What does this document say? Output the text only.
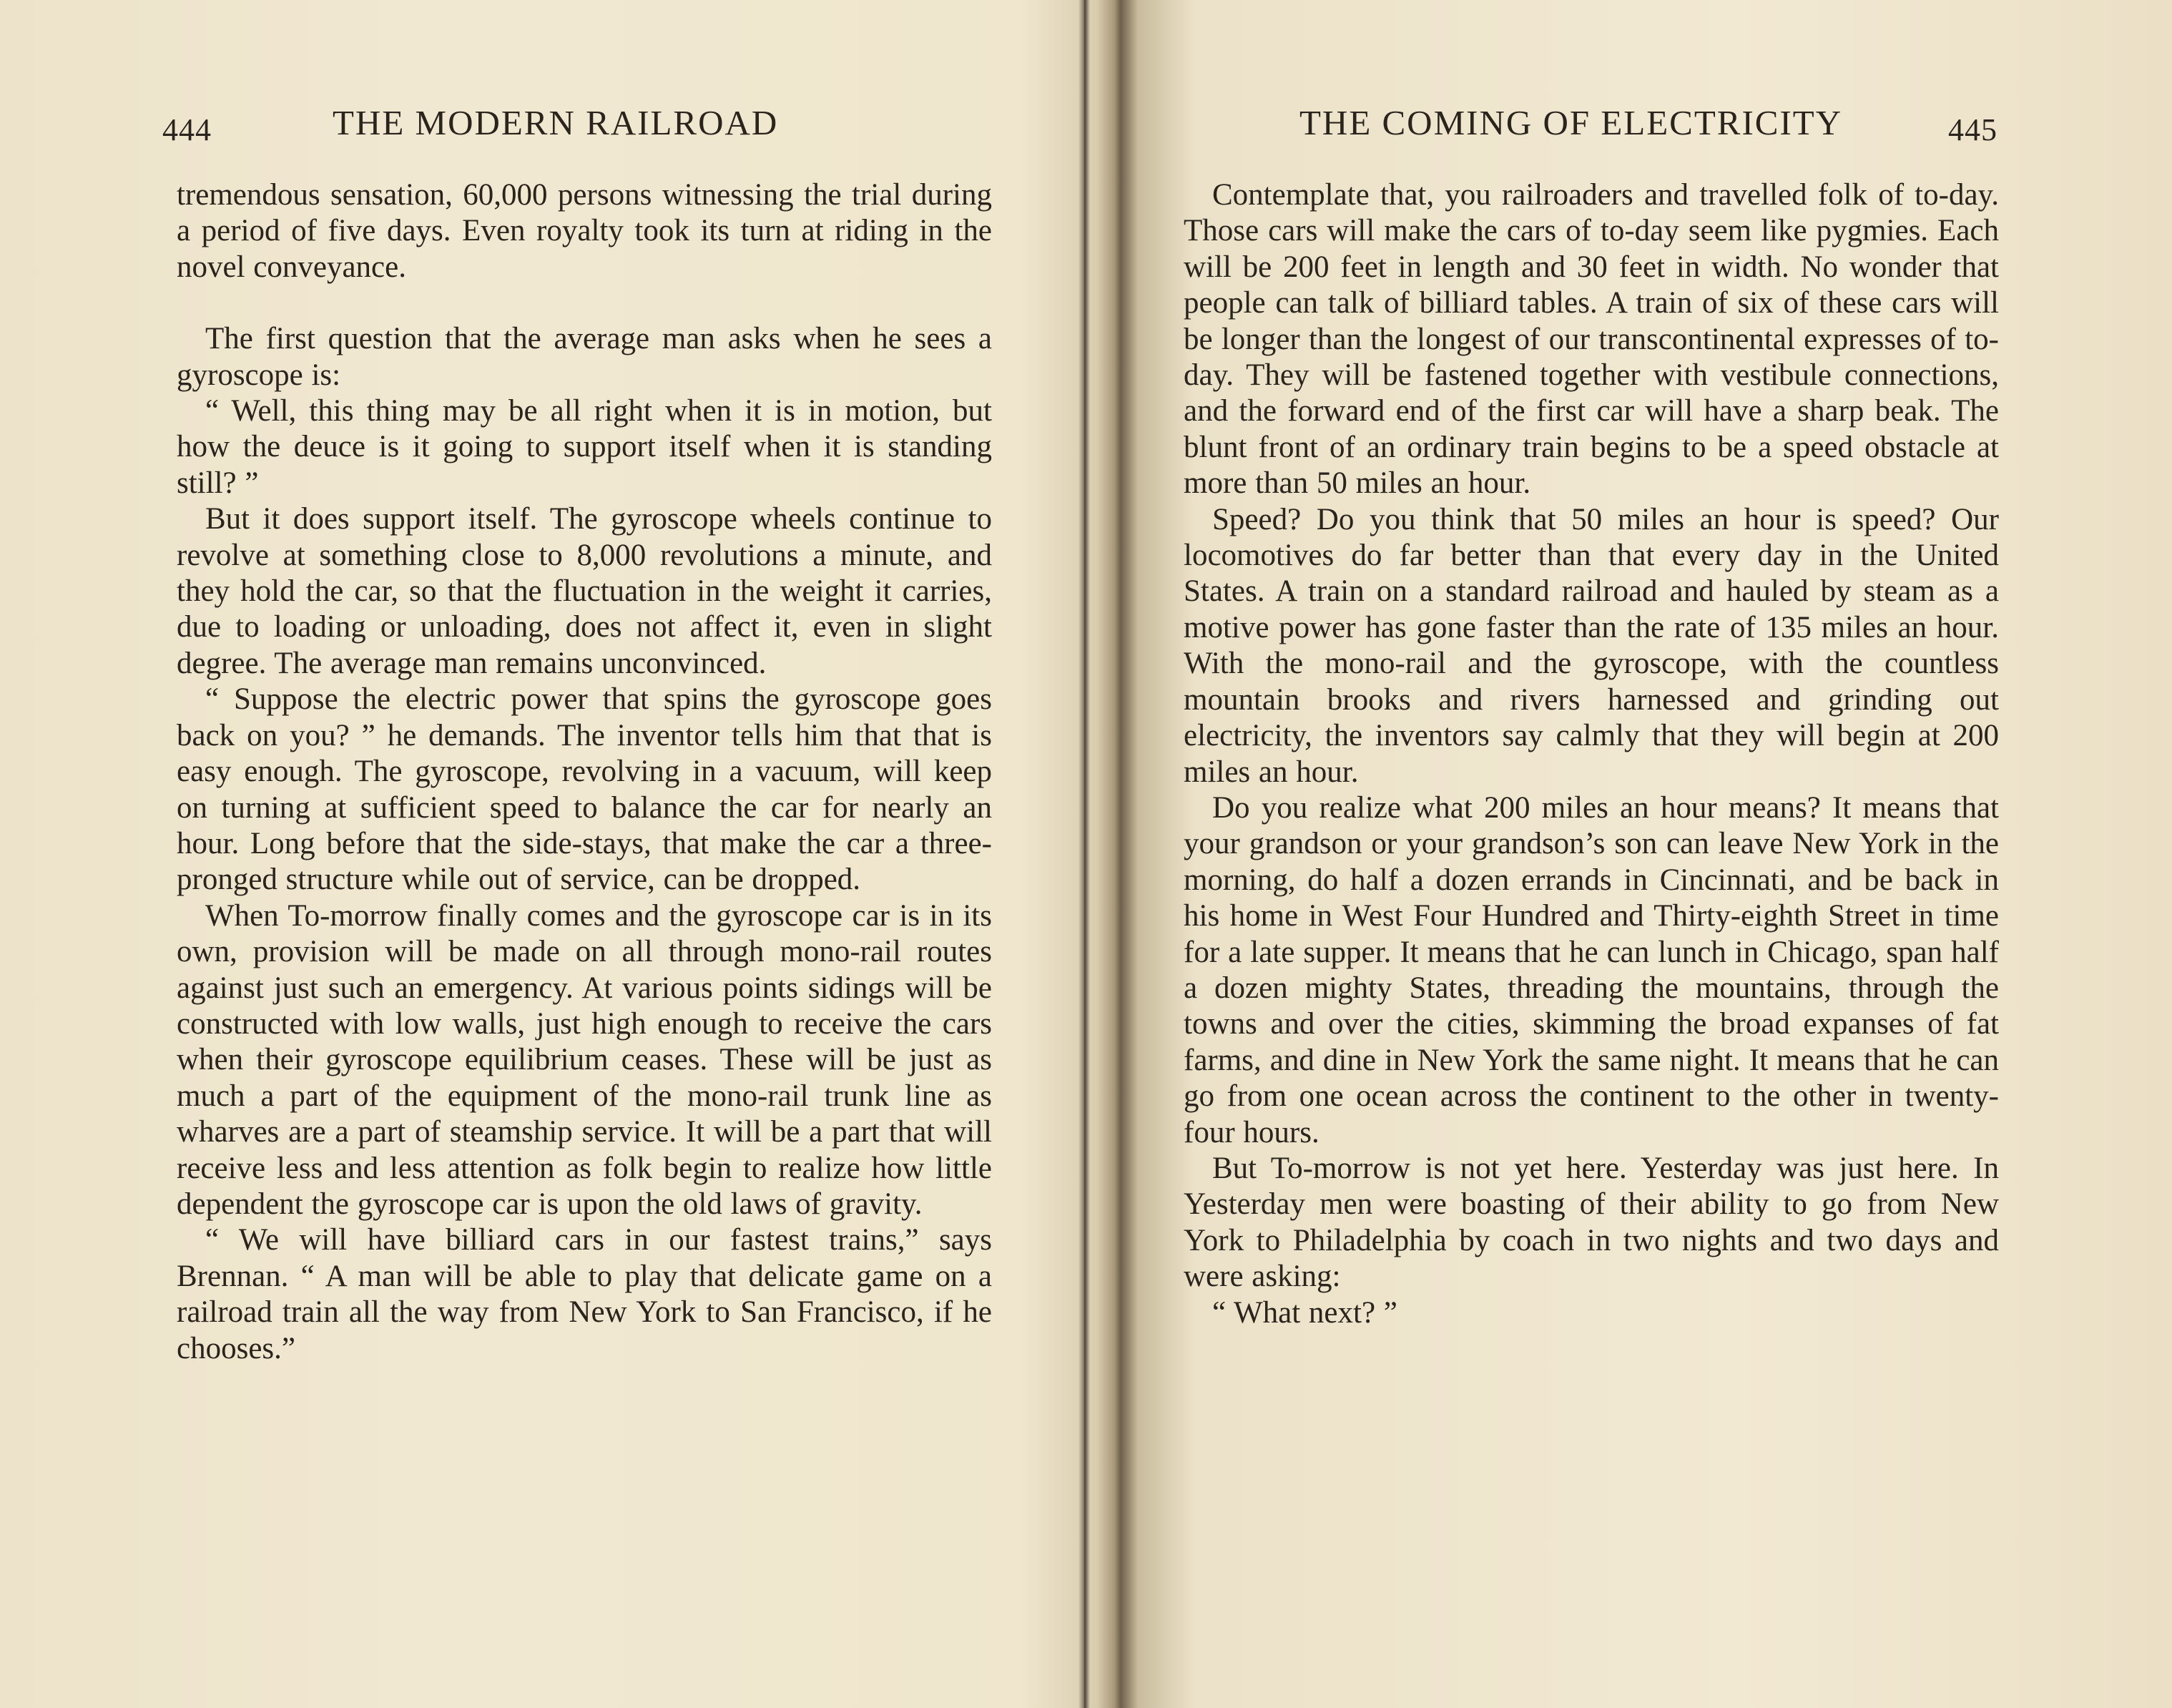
444	THE MODERN RAILROAD

tremendous sensation, 60,000 persons witnessing the trial during a period of five days. Even royalty took its turn at riding in the novel conveyance.

The first question that the average man asks when he sees a gyroscope is:

“ Well, this thing may be all right when it is in motion, but how the deuce is it going to support itself when it is standing still? ”

But it does support itself. The gyroscope wheels continue to revolve at something close to 8,000 revolutions a minute, and they hold the car, so that the fluctuation in the weight it carries, due to loading or unloading, does not affect it, even in slight degree. The average man remains unconvinced.

“ Suppose the electric power that spins the gyroscope goes back on you? ” he demands. The inventor tells him that that is easy enough. The gyroscope, revolving in a vacuum, will keep on turning at sufficient speed to balance the car for nearly an hour. Long before that the side-stays, that make the car a three-pronged structure while out of service, can be dropped.

When To-morrow finally comes and the gyroscope car is in its own, provision will be made on all through mono-rail routes against just such an emergency. At various points sidings will be constructed with low walls, just high enough to receive the cars when their gyroscope equilibrium ceases. These will be just as much a part of the equipment of the mono-rail trunk line as wharves are a part of steamship service. It will be a part that will receive less and less attention as folk begin to realize how little dependent the gyroscope car is upon the old laws of gravity.

“ We will have billiard cars in our fastest trains,” says Brennan. “ A man will be able to play that delicate game on a railroad train all the way from New York to San Francisco, if he chooses.”

THE COMING OF ELECTRICITY	445

Contemplate that, you railroaders and travelled folk of to-day. Those cars will make the cars of to-day seem like pygmies. Each will be 200 feet in length and 30 feet in width. No wonder that people can talk of billiard tables. A train of six of these cars will be longer than the longest of our transcontinental expresses of to-day. They will be fastened together with vestibule connections, and the forward end of the first car will have a sharp beak. The blunt front of an ordinary train begins to be a speed obstacle at more than 50 miles an hour.

Speed? Do you think that 50 miles an hour is speed? Our locomotives do far better than that every day in the United States. A train on a standard railroad and hauled by steam as a motive power has gone faster than the rate of 135 miles an hour. With the mono-rail and the gyroscope, with the countless mountain brooks and rivers harnessed and grinding out electricity, the inventors say calmly that they will begin at 200 miles an hour.

Do you realize what 200 miles an hour means? It means that your grandson or your grandson’s son can leave New York in the morning, do half a dozen errands in Cincinnati, and be back in his home in West Four Hundred and Thirty-eighth Street in time for a late supper. It means that he can lunch in Chicago, span half a dozen mighty States, threading the mountains, through the towns and over the cities, skimming the broad expanses of fat farms, and dine in New York the same night. It means that he can go from one ocean across the continent to the other in twenty-four hours.

But To-morrow is not yet here. Yesterday was just here. In Yesterday men were boasting of their ability to go from New York to Philadelphia by coach in two nights and two days and were asking:

“ What next? ”
